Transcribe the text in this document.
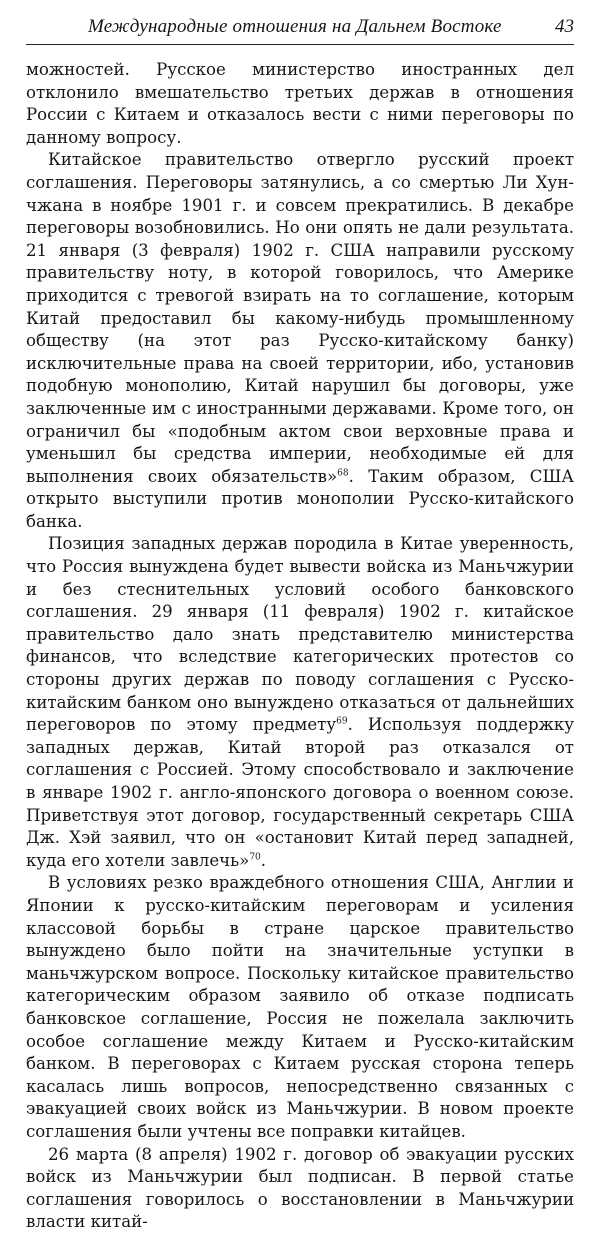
Международные отношения на Дальнем Востоке	43

можностей. Русское министерство иностранных дел отклонило вмешательство третьих держав в отношения России с Китаем и отказалось вести с ними переговоры по данному вопросу.

Китайское правительство отвергло русский проект соглашения. Переговоры затянулись, а со смертью Ли Хун-чжана в ноябре 1901 г. и совсем прекратились. В декабре переговоры возобновились. Но они опять не дали результата. 21 января (3 февраля) 1902 г. США направили русскому правительству ноту, в которой говорилось, что Америке приходится с тревогой взирать на то соглашение, которым Китай предоставил бы какому-нибудь промышленному обществу (на этот раз Русско-китайскому банку) исключительные права на своей территории, ибо, установив подобную монополию, Китай нарушил бы договоры, уже заключенные им с иностранными державами. Кроме того, он ограничил бы «подобным актом свои верховные права и уменьшил бы средства империи, необходимые ей для выполнения своих обязательств»$^{68}$. Таким образом, США открыто выступили против монополии Русско-китайского банка.

Позиция западных держав породила в Китае уверенность, что Россия вынуждена будет вывести войска из Маньчжурии и без стеснительных условий особого банковского соглашения. 29 января (11 февраля) 1902 г. китайское правительство дало знать представителю министерства финансов, что вследствие категорических протестов со стороны других держав по поводу соглашения с Русско-китайским банком оно вынуждено отказаться от дальнейших переговоров по этому предмету$^{69}$. Используя поддержку западных держав, Китай второй раз отказался от соглашения с Россией. Этому способствовало и заключение в январе 1902 г. англо-японского договора о военном союзе. Приветствуя этот договор, государственный секретарь США Дж. Хэй заявил, что он «остановит Китай перед западней, куда его хотели завлечь»$^{70}$.

В условиях резко враждебного отношения США, Англии и Японии к русско-китайским переговорам и усиления классовой борьбы в стране царское правительство вынуждено было пойти на значительные уступки в маньчжурском вопросе. Поскольку китайское правительство категорическим образом заявило об отказе подписать банковское соглашение, Россия не пожелала заключить особое соглашение между Китаем и Русско-китайским банком. В переговорах с Китаем русская сторона теперь касалась лишь вопросов, непосредственно связанных с эвакуацией своих войск из Маньчжурии. В новом проекте соглашения были учтены все поправки китайцев.

26 марта (8 апреля) 1902 г. договор об эвакуации русских войск из Маньчжурии был подписан. В первой статье соглашения говорилось о восстановлении в Маньчжурии власти китай-
